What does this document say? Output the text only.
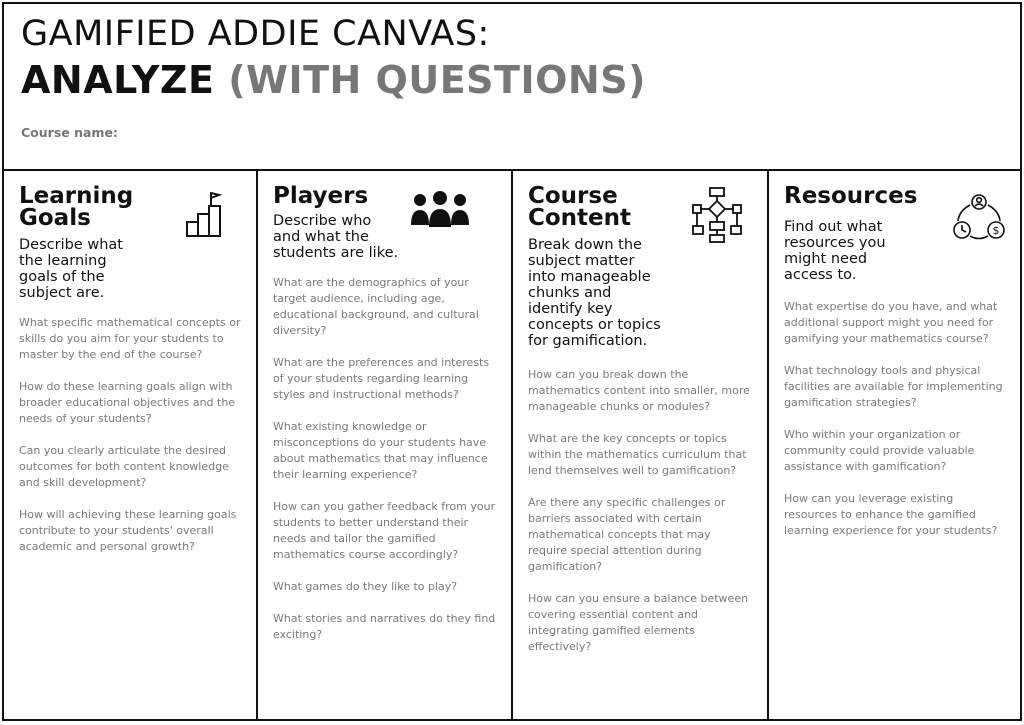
GAMIFIED ADDIE CANVAS:
ANALYZE (WITH QUESTIONS)
Course name:
Learning
Goals
Describe what
the learning
goals of the
subject are.
What specific mathematical concepts or skills do you aim for your students to master by the end of the course?
How do these learning goals align with broader educational objectives and the needs of your students?
Can you clearly articulate the desired outcomes for both content knowledge and skill development?
How will achieving these learning goals contribute to your students' overall academic and personal growth?
Players
Describe who
and what the
students are like.
What are the demographics of your target audience, including age, educational background, and cultural diversity?
What are the preferences and interests of your students regarding learning styles and instructional methods?
What existing knowledge or misconceptions do your students have about mathematics that may influence their learning experience?
How can you gather feedback from your students to better understand their needs and tailor the gamified mathematics course accordingly?
What games do they like to play?
What stories and narratives do they find exciting?
Course
Content
Break down the
subject matter
into manageable
chunks and
identify key
concepts or topics
for gamification.
How can you break down the mathematics content into smaller, more manageable chunks or modules?
What are the key concepts or topics within the mathematics curriculum that lend themselves well to gamification?
Are there any specific challenges or barriers associated with certain mathematical concepts that may require special attention during gamification?
How can you ensure a balance between covering essential content and integrating gamified elements effectively?
Resources
$
Find out what
resources you
might need
access to.
What expertise do you have, and what additional support might you need for gamifying your mathematics course?
What technology tools and physical facilities are available for implementing gamification strategies?
Who within your organization or community could provide valuable assistance with gamification?
How can you leverage existing resources to enhance the gamified learning experience for your students?
